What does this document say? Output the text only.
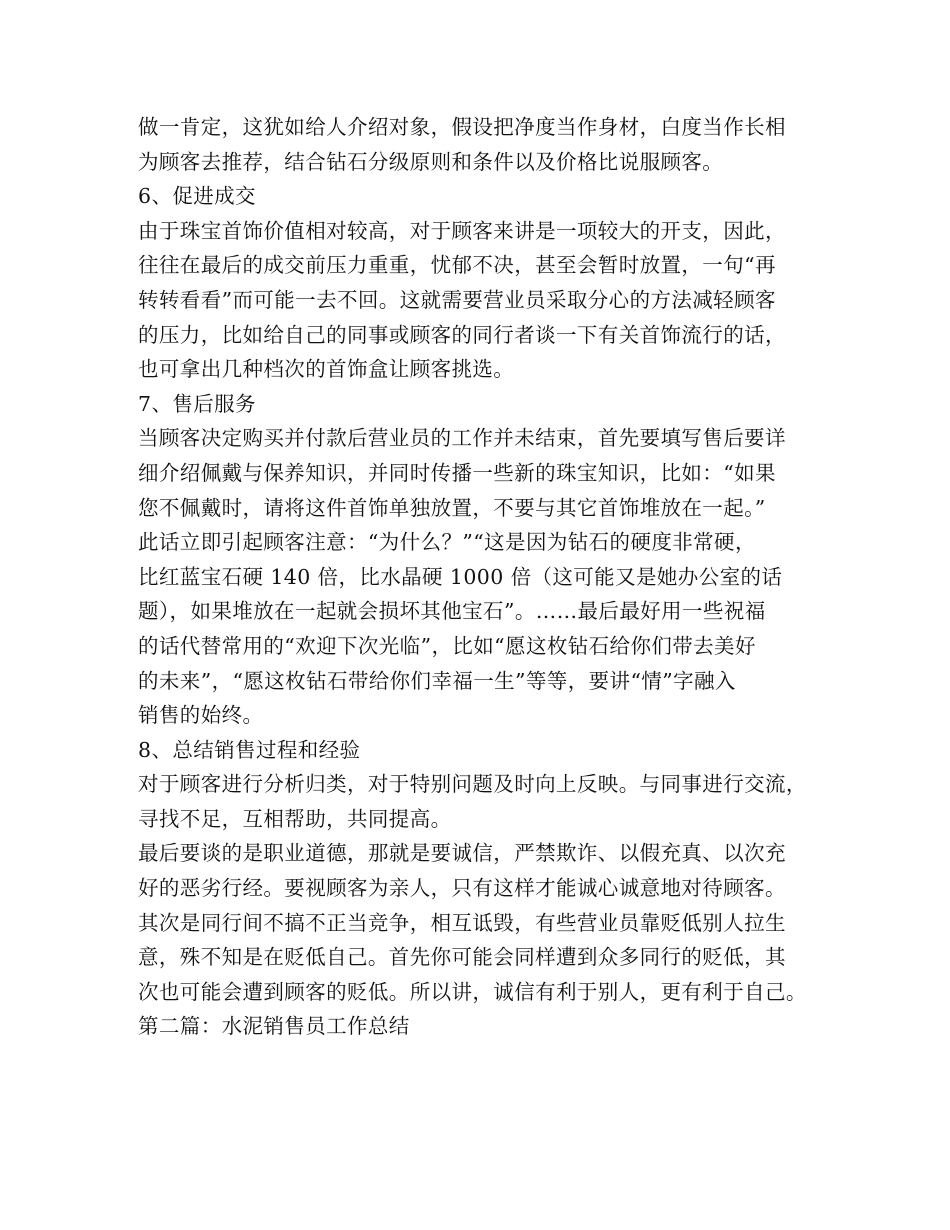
做一肯定，这犹如给人介绍对象，假设把净度当作身材，白度当作长相
为顾客去推荐，结合钻石分级原则和条件以及价格比说服顾客。
6、促进成交
由于珠宝首饰价值相对较高，对于顾客来讲是一项较大的开支，因此，
往往在最后的成交前压力重重，忧郁不决，甚至会暂时放置，一句“再
转转看看”而可能一去不回。这就需要营业员采取分心的方法减轻顾客
的压力，比如给自己的同事或顾客的同行者谈一下有关首饰流行的话，
也可拿出几种档次的首饰盒让顾客挑选。
7、售后服务
当顾客决定购买并付款后营业员的工作并未结束，首先要填写售后要详
细介绍佩戴与保养知识，并同时传播一些新的珠宝知识，比如：“如果
您不佩戴时，请将这件首饰单独放置，不要与其它首饰堆放在一起。”
此话立即引起顾客注意：“为什么？”“这是因为钻石的硬度非常硬，
比红蓝宝石硬 140 倍，比水晶硬 1000 倍（这可能又是她办公室的话
题），如果堆放在一起就会损坏其他宝石”。……最后最好用一些祝福
的话代替常用的“欢迎下次光临”，比如“愿这枚钻石给你们带去美好
的未来”，“愿这枚钻石带给你们幸福一生”等等，要讲“情”字融入
销售的始终。
8、总结销售过程和经验
对于顾客进行分析归类，对于特别问题及时向上反映。与同事进行交流，
寻找不足，互相帮助，共同提高。
最后要谈的是职业道德，那就是要诚信，严禁欺诈、以假充真、以次充
好的恶劣行经。要视顾客为亲人，只有这样才能诚心诚意地对待顾客。
其次是同行间不搞不正当竞争，相互诋毁，有些营业员靠贬低别人拉生
意，殊不知是在贬低自己。首先你可能会同样遭到众多同行的贬低，其
次也可能会遭到顾客的贬低。所以讲，诚信有利于别人，更有利于自己。
第二篇：水泥销售员工作总结
